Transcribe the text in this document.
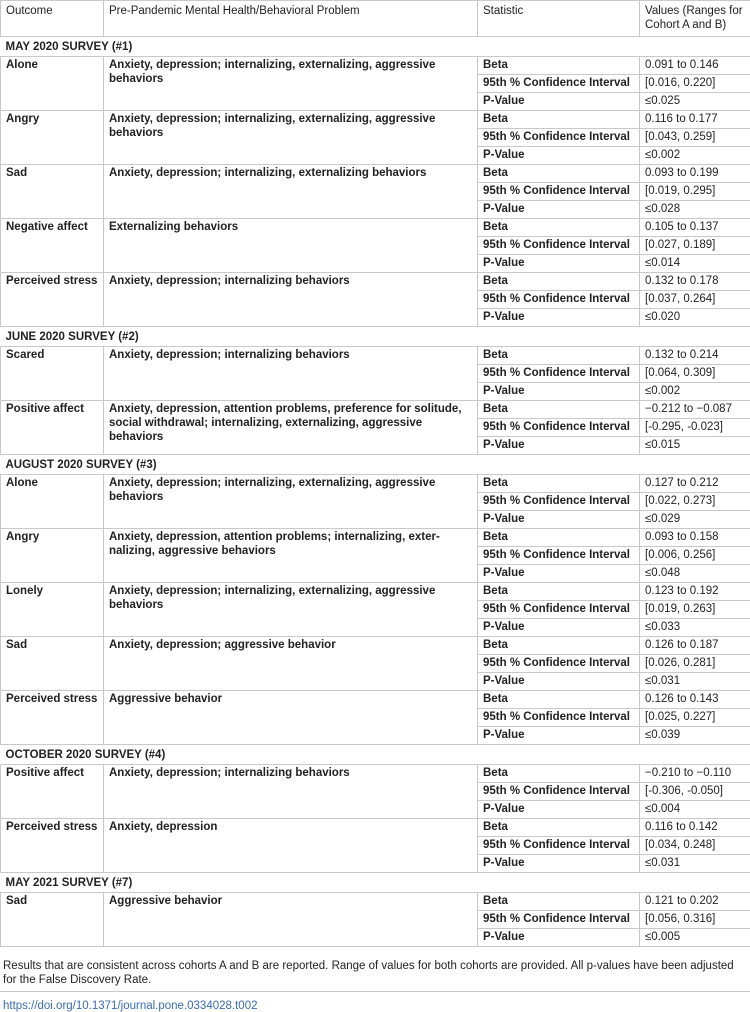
Outcome	Pre-Pandemic Mental Health/Behavioral Problem	Statistic	Values (Ranges for Cohort A and B)
MAY 2020 SURVEY (#1)			
Alone	Anxiety, depression; internalizing, externalizing, aggressive behaviors	Beta	0.091 to 0.146
		95th % Confidence Interval	[0.016, 0.220]
		P-Value	≤0.025
Angry	Anxiety, depression; internalizing, externalizing, aggressive behaviors	Beta	0.116 to 0.177
		95th % Confidence Interval	[0.043, 0.259]
		P-Value	≤0.002
Sad	Anxiety, depression; internalizing, externalizing behaviors	Beta	0.093 to 0.199
		95th % Confidence Interval	[0.019, 0.295]
		P-Value	≤0.028
Negative affect	Externalizing behaviors	Beta	0.105 to 0.137
		95th % Confidence Interval	[0.027, 0.189]
		P-Value	≤0.014
Perceived stress	Anxiety, depression; internalizing behaviors	Beta	0.132 to 0.178
		95th % Confidence Interval	[0.037, 0.264]
		P-Value	≤0.020
JUNE 2020 SURVEY (#2)			
Scared	Anxiety, depression; internalizing behaviors	Beta	0.132 to 0.214
		95th % Confidence Interval	[0.064, 0.309]
		P-Value	≤0.002
Positive affect	Anxiety, depression, attention problems, preference for solitude, social withdrawal; internalizing, externalizing, aggressive behaviors	Beta	−0.212 to −0.087
		95th % Confidence Interval	[-0.295, -0.023]
		P-Value	≤0.015
AUGUST 2020 SURVEY (#3)			
Alone	Anxiety, depression; internalizing, externalizing, aggressive behaviors	Beta	0.127 to 0.212
		95th % Confidence Interval	[0.022, 0.273]
		P-Value	≤0.029
Angry	Anxiety, depression, attention problems; internalizing, exter-nalizing, aggressive behaviors	Beta	0.093 to 0.158
		95th % Confidence Interval	[0.006, 0.256]
		P-Value	≤0.048
Lonely	Anxiety, depression; internalizing, externalizing, aggressive behaviors	Beta	0.123 to 0.192
		95th % Confidence Interval	[0.019, 0.263]
		P-Value	≤0.033
Sad	Anxiety, depression; aggressive behavior	Beta	0.126 to 0.187
		95th % Confidence Interval	[0.026, 0.281]
		P-Value	≤0.031
Perceived stress	Aggressive behavior	Beta	0.126 to 0.143
		95th % Confidence Interval	[0.025, 0.227]
		P-Value	≤0.039
OCTOBER 2020 SURVEY (#4)			
Positive affect	Anxiety, depression; internalizing behaviors	Beta	−0.210 to −0.110
		95th % Confidence Interval	[-0.306, -0.050]
		P-Value	≤0.004
Perceived stress	Anxiety, depression	Beta	0.116 to 0.142
		95th % Confidence Interval	[0.034, 0.248]
		P-Value	≤0.031
MAY 2021 SURVEY (#7)			
Sad	Aggressive behavior	Beta	0.121 to 0.202
		95th % Confidence Interval	[0.056, 0.316]
		P-Value	≤0.005
Results that are consistent across cohorts A and B are reported. Range of values for both cohorts are provided. All p-values have been adjusted for the False Discovery Rate.
https://doi.org/10.1371/journal.pone.0334028.t002
